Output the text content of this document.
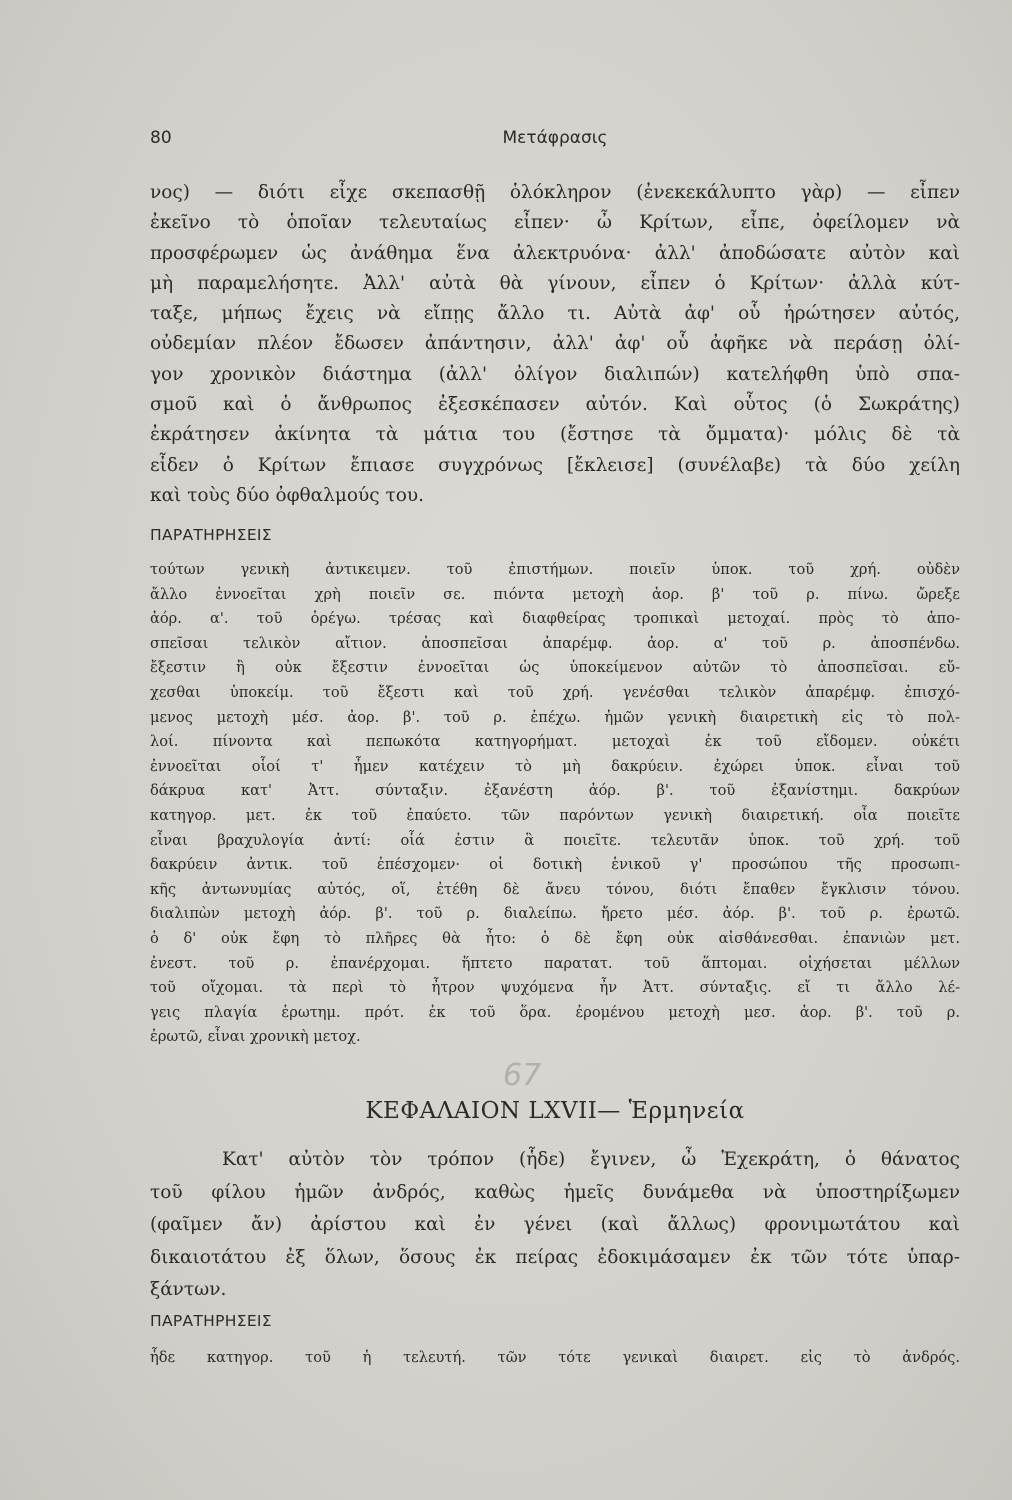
80	Μετάφρασις
νος) — διότι εἶχε σκεπασθῇ ὁλόκληρον (ἐνεκεκάλυπτο γὰρ) — εἶπεν
ἐκεῖνο τὸ ὁποῖαν τελευταίως εἶπεν· ὦ Κρίτων, εἶπε, ὀφείλομεν νὰ
προσφέρωμεν ὡς ἀνάθημα ἕνα ἀλεκτρυόνα· ἀλλ' ἀποδώσατε αὐτὸν καὶ
μὴ παραμελήσητε. Ἀλλ' αὐτὰ θὰ γίνουν, εἶπεν ὁ Κρίτων· ἀλλὰ κύτ-
ταξε, μήπως ἔχεις νὰ εἴπῃς ἄλλο τι. Αὐτὰ ἀφ' οὗ ἠρώτησεν αὐτός,
οὐδεμίαν πλέον ἔδωσεν ἀπάντησιν, ἀλλ' ἀφ' οὗ ἀφῆκε νὰ περάσῃ ὀλί-
γον χρονικὸν διάστημα (ἀλλ' ὀλίγον διαλιπών) κατελήφθη ὑπὸ σπα-
σμοῦ καὶ ὁ ἄνθρωπος ἐξεσκέπασεν αὐτόν. Καὶ οὗτος (ὁ Σωκράτης)
ἐκράτησεν ἀκίνητα τὰ μάτια του (ἔστησε τὰ ὄμματα)· μόλις δὲ τὰ
εἶδεν ὁ Κρίτων ἔπιασε συγχρόνως [ἔκλεισε] (συνέλαβε) τὰ δύο χείλη
καὶ τοὺς δύο ὀφθαλμούς του.
ΠΑΡΑΤΗΡΗΣΕΙΣ
τούτων γενικὴ ἀντικειμεν. τοῦ ἐπιστήμων. ποιεῖν ὑποκ. τοῦ χρή. οὐδὲν
ἄλλο ἐννοεῖται χρὴ ποιεῖν σε. πιόντα μετοχὴ ἀορ. β' τοῦ ρ. πίνω. ὤρεξε
ἀόρ. α'. τοῦ ὀρέγω. τρέσας καὶ διαφθείρας τροπικαὶ μετοχαί. πρὸς τὸ ἀπο-
σπεῖσαι τελικὸν αἴτιον. ἀποσπεῖσαι ἀπαρέμφ. ἀορ. α' τοῦ ρ. ἀποσπένδω.
ἔξεστιν ἢ οὐκ ἔξεστιν ἐννοεῖται ὡς ὑποκείμενον αὐτῶν τὸ ἀποσπεῖσαι. εὔ-
χεσθαι ὑποκείμ. τοῦ ἔξεστι καὶ τοῦ χρή. γενέσθαι τελικὸν ἀπαρέμφ. ἐπισχό-
μενος μετοχὴ μέσ. ἀορ. β'. τοῦ ρ. ἐπέχω. ἡμῶν γενικὴ διαιρετικὴ εἰς τὸ πολ-
λοί. πίνοντα καὶ πεπωκότα κατηγορήματ. μετοχαὶ ἐκ τοῦ εἴδομεν. οὐκέτι
ἐννοεῖται οἷοί τ' ἦμεν κατέχειν τὸ μὴ δακρύειν. ἐχώρει ὑποκ. εἶναι τοῦ
δάκρυα κατ' Ἀττ. σύνταξιν. ἐξανέστη ἀόρ. β'. τοῦ ἐξανίστημι. δακρύων
κατηγορ. μετ. ἐκ τοῦ ἐπαύετο. τῶν παρόντων γενικὴ διαιρετική. οἷα ποιεῖτε
εἶναι βραχυλογία ἀντί: οἷά ἐστιν ἃ ποιεῖτε. τελευτᾶν ὑποκ. τοῦ χρή. τοῦ
δακρύειν ἀντικ. τοῦ ἐπέσχομεν· οἱ δοτικὴ ἑνικοῦ γ' προσώπου τῆς προσωπι-
κῆς ἀντωνυμίας αὐτός, οἵ, ἐτέθη δὲ ἄνευ τόνου, διότι ἔπαθεν ἔγκλισιν τόνου.
διαλιπὼν μετοχὴ ἀόρ. β'. τοῦ ρ. διαλείπω. ἤρετο μέσ. ἀόρ. β'. τοῦ ρ. ἐρωτῶ.
ὁ δ' οὐκ ἔφη τὸ πλῆρες θὰ ἦτο: ὁ δὲ ἔφη οὐκ αἰσθάνεσθαι. ἐπανιὼν μετ.
ἐνεστ. τοῦ ρ. ἐπανέρχομαι. ἥπτετο παρατατ. τοῦ ἅπτομαι. οἰχήσεται μέλλων
τοῦ οἴχομαι. τὰ περὶ τὸ ἦτρον ψυχόμενα ἦν Ἀττ. σύνταξις. εἴ τι ἄλλο λέ-
γεις πλαγία ἐρωτημ. πρότ. ἐκ τοῦ ὅρα. ἐρομένου μετοχὴ μεσ. ἀορ. β'. τοῦ ρ.
ἐρωτῶ, εἶναι χρονικὴ μετοχ.
67
ΚΕΦΑΛΑΙΟΝ LXVII— Ἑρμηνεία
Κατ' αὐτὸν τὸν τρόπον (ἧδε) ἔγινεν, ὦ Ἐχεκράτη, ὁ θάνατος
τοῦ φίλου ἡμῶν ἀνδρός, καθὼς ἡμεῖς δυνάμεθα νὰ ὑποστηρίξωμεν
(φαῖμεν ἄν) ἀρίστου καὶ ἐν γένει (καὶ ἄλλως) φρονιμωτάτου καὶ
δικαιοτάτου ἐξ ὅλων, ὅσους ἐκ πείρας ἐδοκιμάσαμεν ἐκ τῶν τότε ὑπαρ-
ξάντων.
ΠΑΡΑΤΗΡΗΣΕΙΣ
ἧδε κατηγορ. τοῦ ἡ τελευτή. τῶν τότε γενικαὶ διαιρετ. εἰς τὸ ἀνδρός.
